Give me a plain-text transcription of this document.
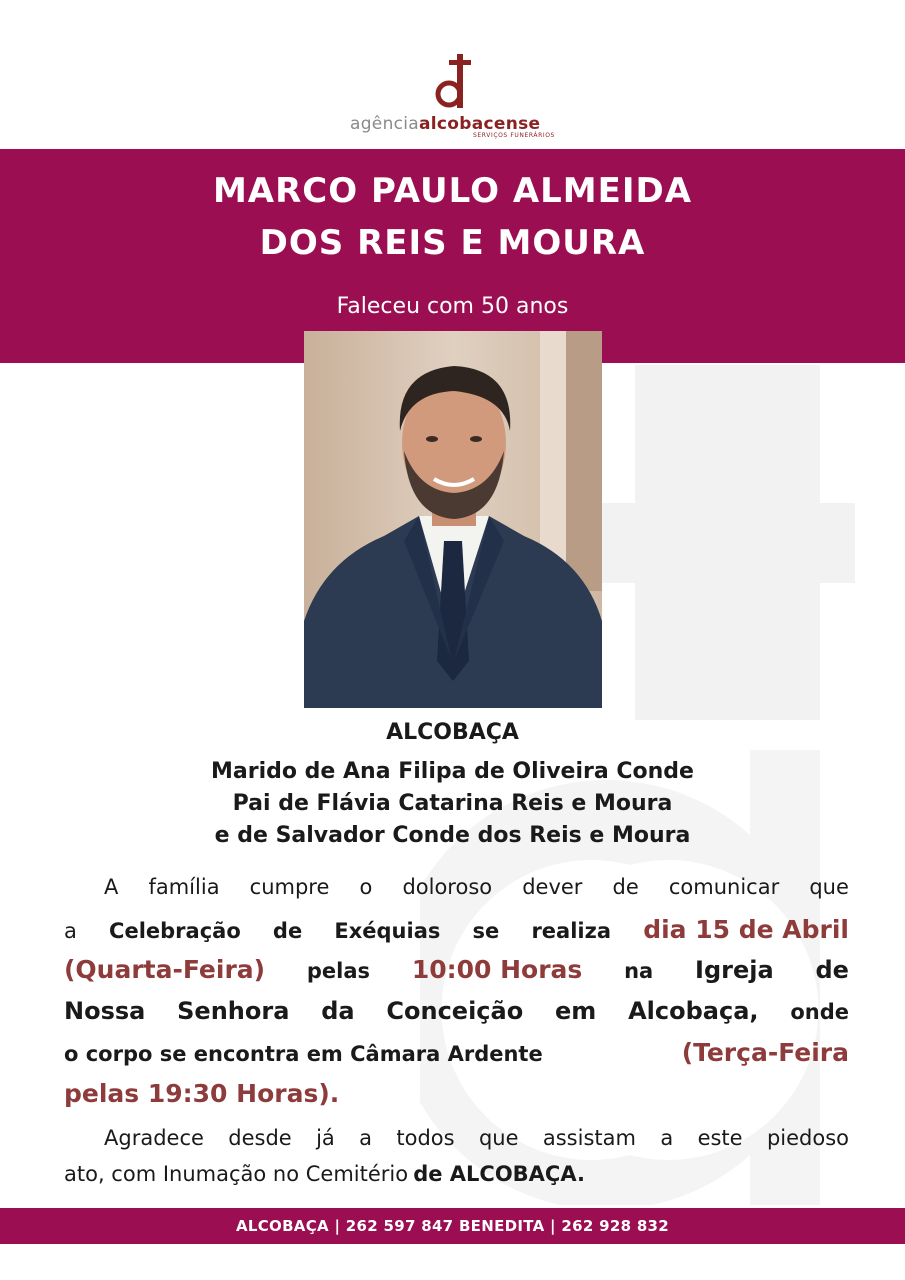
agênciaalcobacense
SERVIÇOS FUNERÁRIOS
MARCO PAULO ALMEIDA
DOS REIS E MOURA
Faleceu com 50 anos
ALCOBAÇA
Marido de Ana Filipa de Oliveira Conde
Pai de Flávia Catarina Reis e Moura
e de Salvador Conde dos Reis e Moura
A família cumpre o doloroso dever de comunicar que
a Celebração de Exéquias se realiza dia 15 de Abril
(Quarta-Feira) pelas 10:00 Horas na Igreja de
Nossa Senhora da Conceição em Alcobaça, onde
o corpo se encontra em Câmara Ardente	(Terça-Feira
pelas 19:30 Horas).
Agradece desde já a todos que assistam a este piedoso
ato, com Inumação no Cemitério
de ALCOBAÇA.
ALCOBAÇA | 262 597 847 BENEDITA | 262 928 832
